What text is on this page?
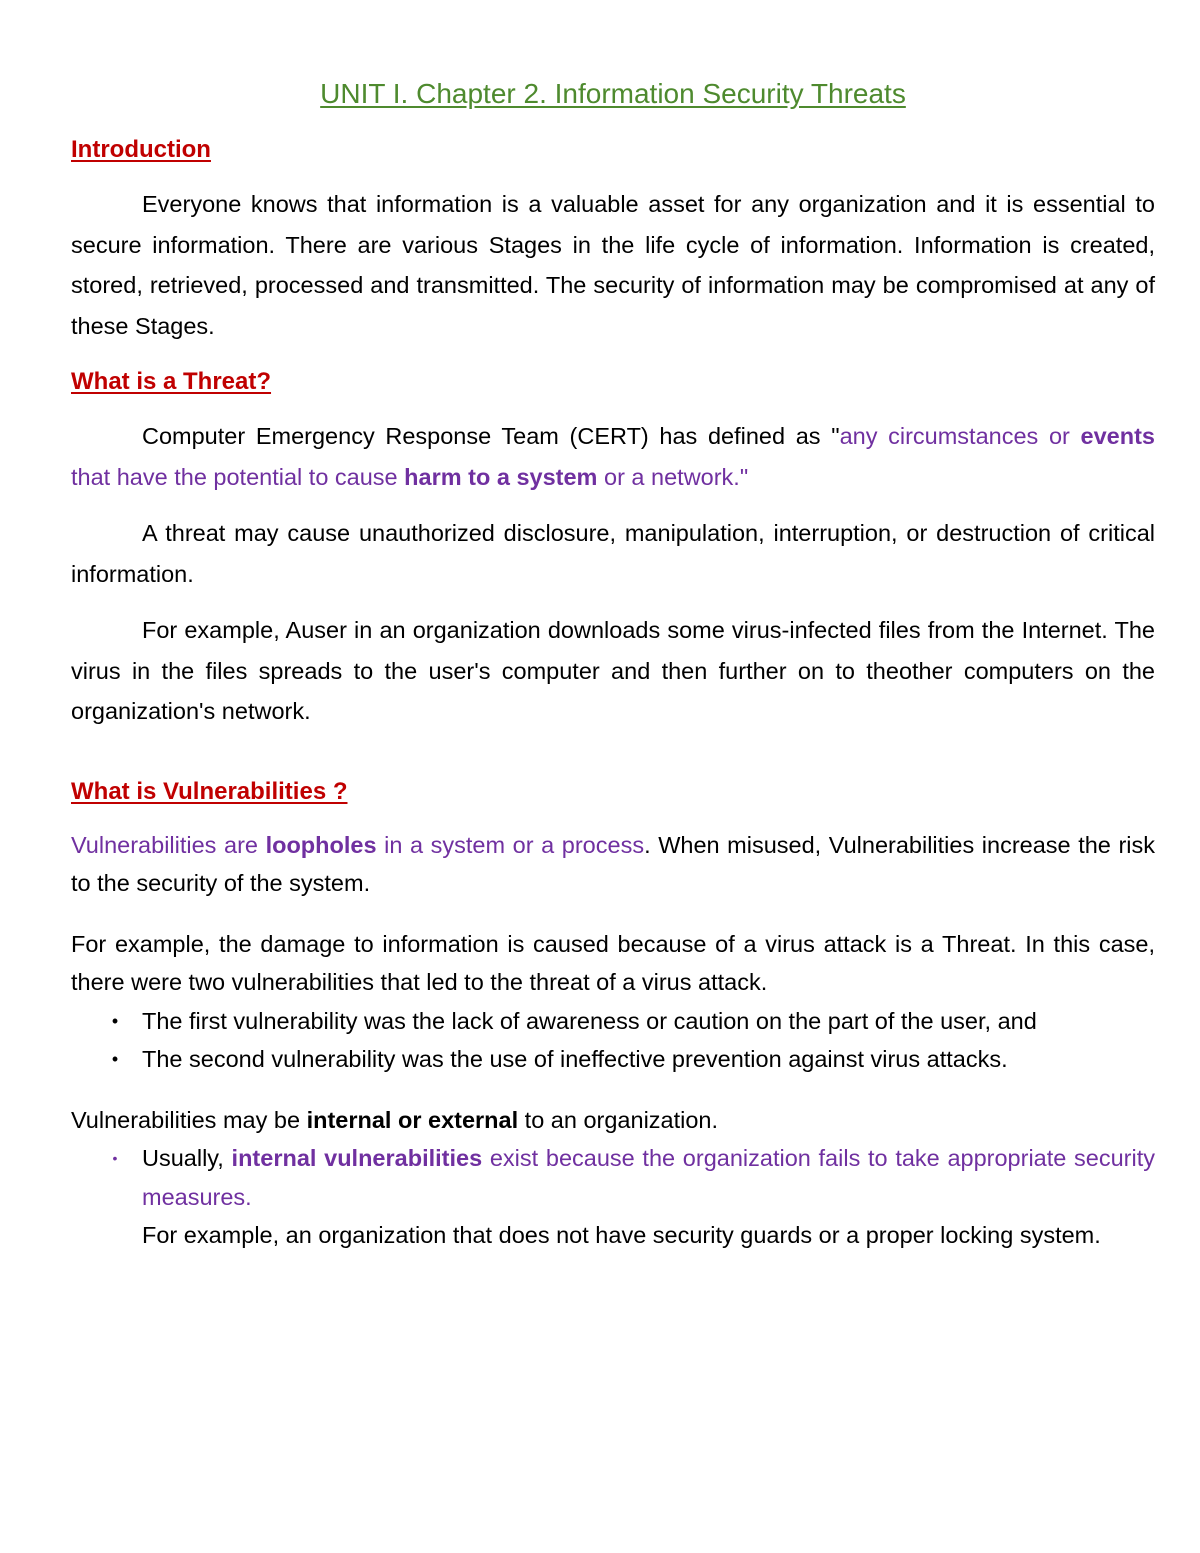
UNIT I. Chapter 2. Information Security Threats
Introduction

Everyone knows that information is a valuable asset for any organization and it is essential to secure information. There are various Stages in the life cycle of information. Information is created, stored, retrieved, processed and transmitted. The security of information may be compromised at any of these Stages.

What is a Threat?

Computer Emergency Response Team (CERT) has defined as "any circumstances or events that have the potential to cause harm to a system or a network."

A threat may cause unauthorized disclosure, manipulation, interruption, or destruction of critical information.

For example, Auser in an organization downloads some virus-infected files from the Internet. The virus in the files spreads to the user's computer and then further on to theother computers on the organization's network.

What is Vulnerabilities ?

Vulnerabilities are loopholes in a system or a process. When misused, Vulnerabilities increase the risk to the security of the system.

For example, the damage to information is caused because of a virus attack is a Threat. In this case, there were two vulnerabilities that led to the threat of a virus attack.

• The first vulnerability was the lack of awareness or caution on the part of the user, and
• The second vulnerability was the use of ineffective prevention against virus attacks.

Vulnerabilities may be internal or external to an organization.

•	Usually, internal vulnerabilities exist because the organization fails to take appropriate security measures.
For example, an organization that does not have security guards or a proper locking system.
